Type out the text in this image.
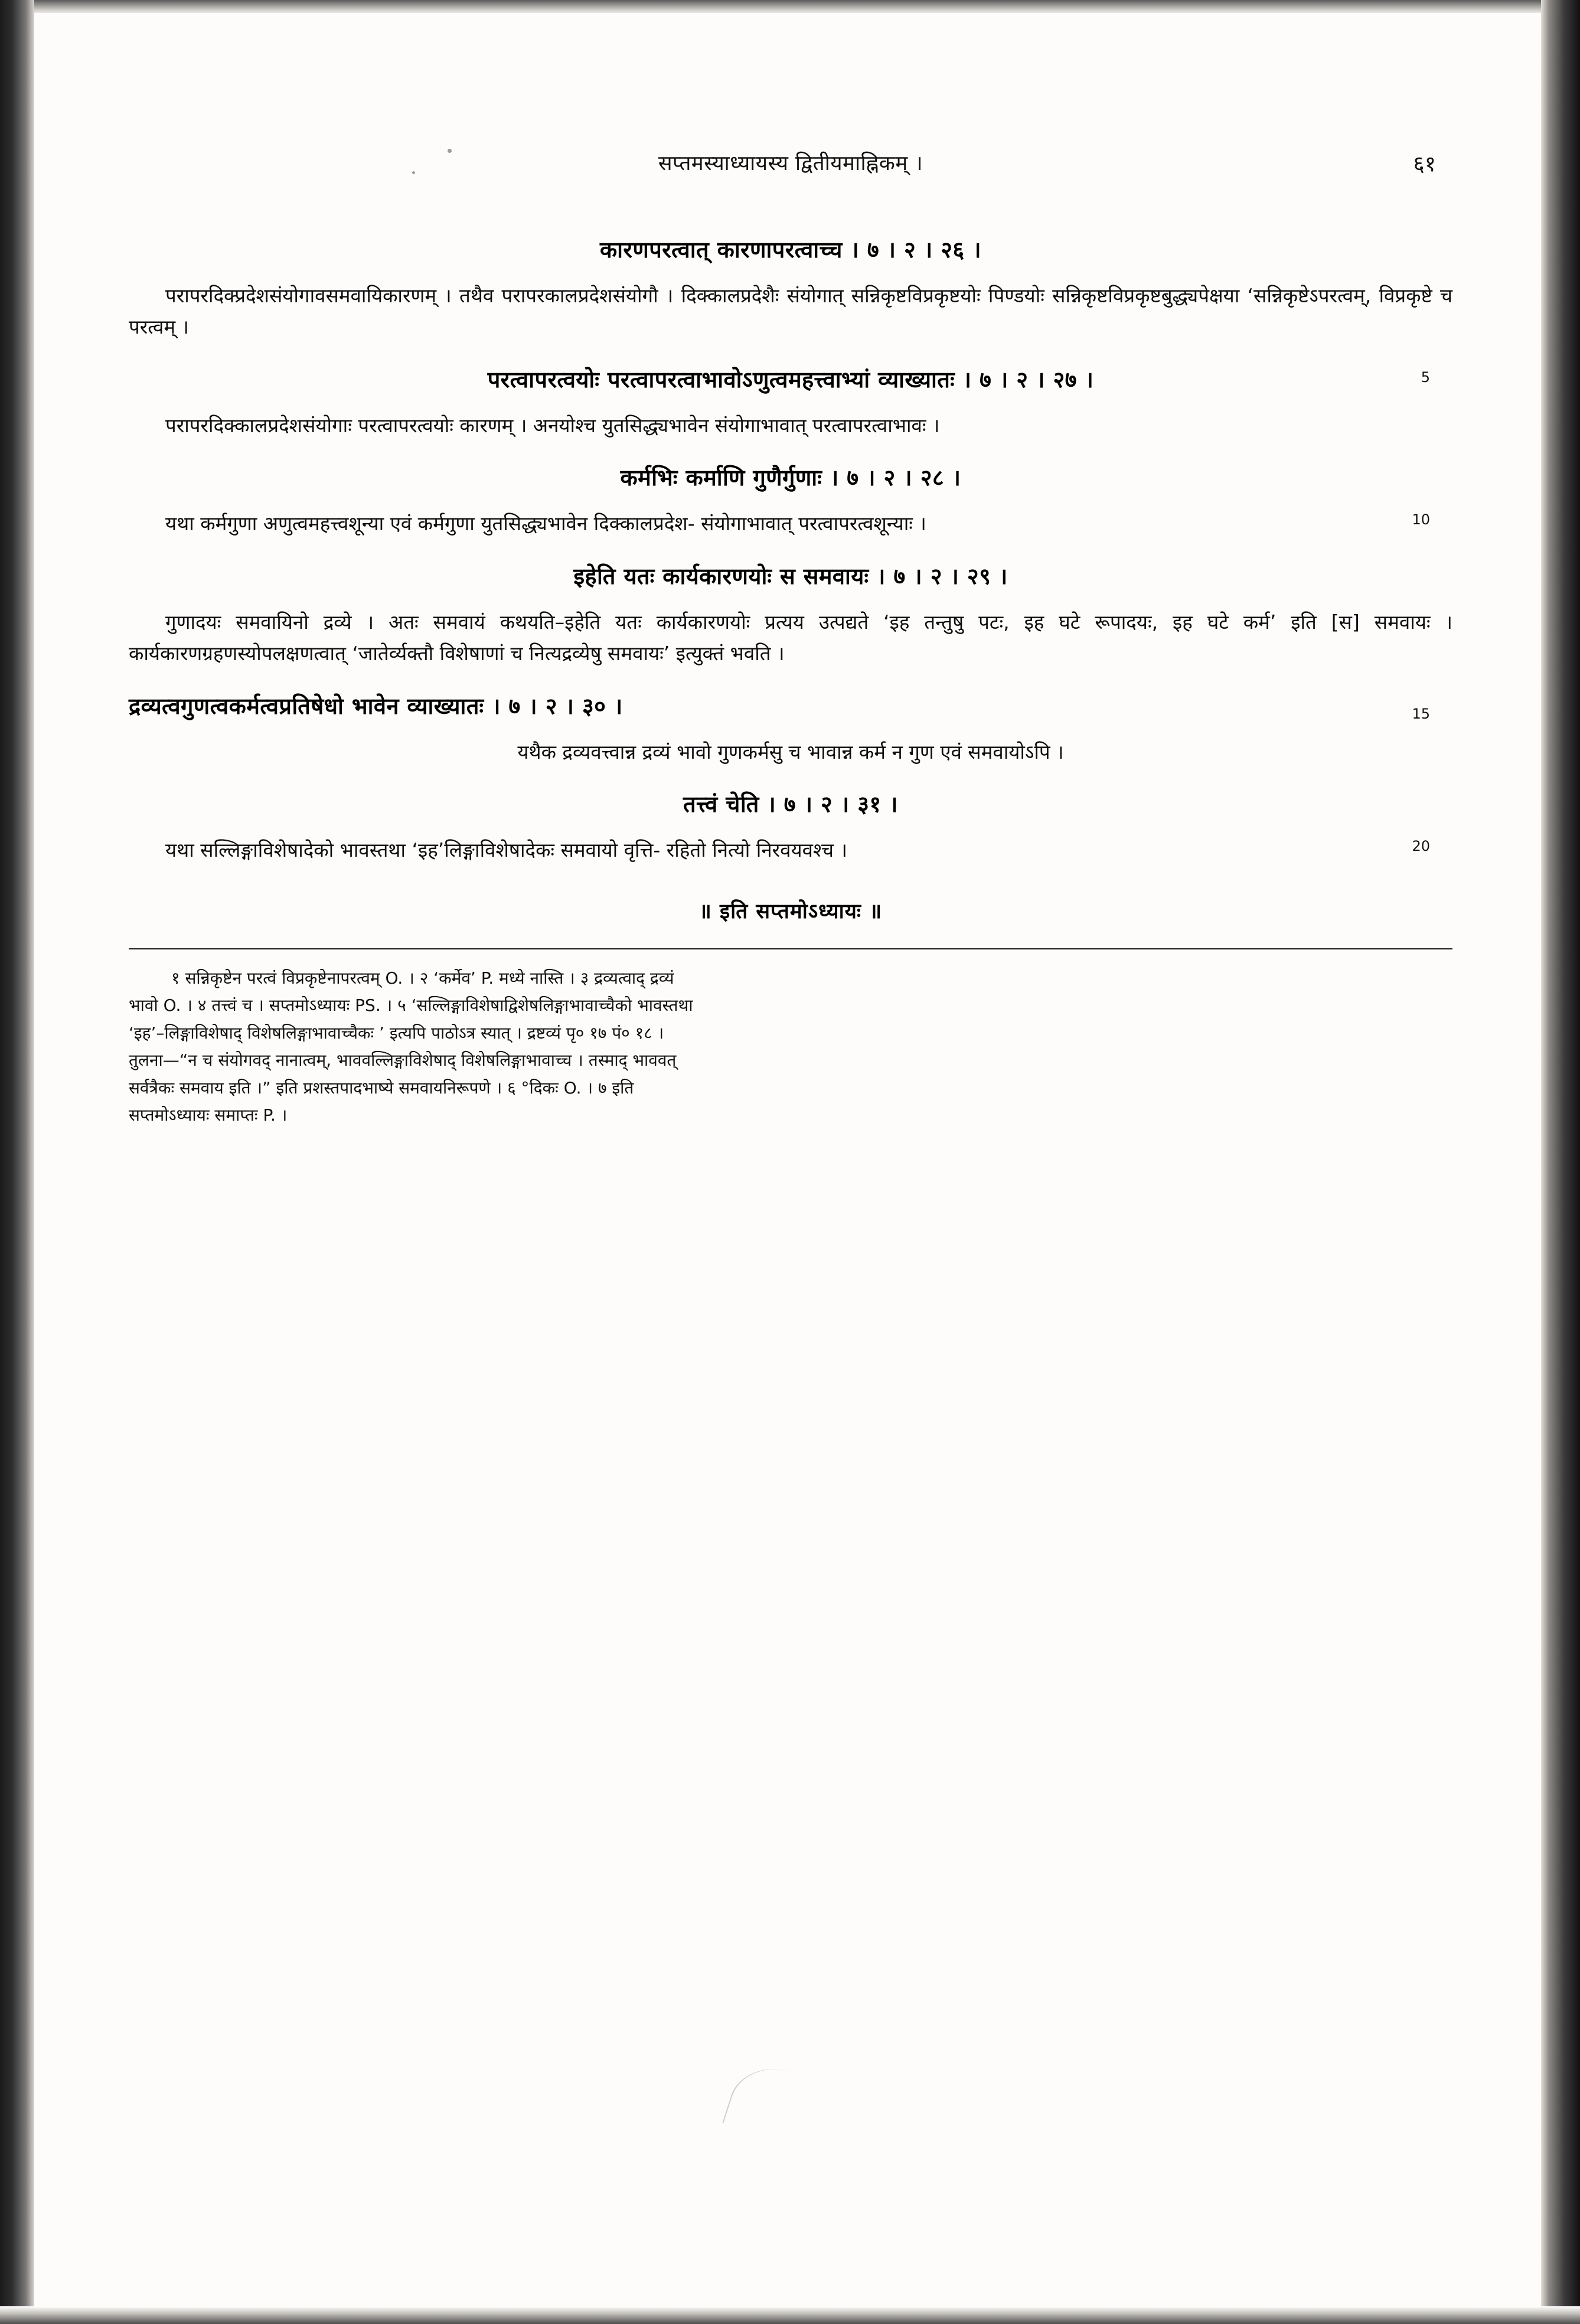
सप्तमस्याध्यायस्य द्वितीयमाह्निकम् ।	६१
कारणपरत्वात् कारणापरत्वाच्च । ७ । २ । २६ ।
परापरदिक्प्रदेशसंयोगावसमवायिकारणम् । तथैव परापरकालप्रदेशसंयोगौ । दिक्कालप्रदेशैः संयोगात् सन्निकृष्टविप्रकृष्टयोः पिण्डयोः सन्निकृष्टविप्रकृष्टबुद्ध्यपेक्षया ‘सन्निकृष्टेऽपरत्वम्, विप्रकृष्टे च परत्वम् ।
परत्वापरत्वयोः परत्वापरत्वाभावोऽणुत्वमहत्त्वाभ्यां व्याख्यातः । ७ । २ । २७ ।	5
परापरदिक्कालप्रदेशसंयोगाः परत्वापरत्वयोः कारणम् । अनयोश्च युतसिद्ध्यभावेन संयोगाभावात् परत्वापरत्वाभावः ।
कर्मभिः कर्माणि गुणैर्गुणाः । ७ । २ । २८ ।
यथा कर्मगुणा अणुत्वमहत्त्वशून्या एवं कर्मगुणा युतसिद्ध्यभावेन दिक्कालप्रदेश- संयोगाभावात् परत्वापरत्वशून्याः ।	10
इहेति यतः कार्यकारणयोः स समवायः । ७ । २ । २९ ।
गुणादयः समवायिनो द्रव्ये । अतः समवायं कथयति–इहेति यतः कार्यकारणयोः प्रत्यय उत्पद्यते ‘इह तन्तुषु पटः, इह घटे रूपादयः, इह घटे कर्म’ इति [स] समवायः । कार्यकारणग्रहणस्योपलक्षणत्वात् ‘जातेर्व्यक्तौ विशेषाणां च नित्यद्रव्येषु समवायः’ इत्युक्तं भवति ।
15
द्रव्यत्वगुणत्वकर्मत्वप्रतिषेधो भावेन व्याख्यातः । ७ । २ । ३० ।
यथैक द्रव्यवत्त्वान्न द्रव्यं भावो गुणकर्मसु च भावान्न कर्म न गुण एवं समवायोऽपि ।
तत्त्वं चेति । ७ । २ । ३१ ।
यथा सल्लिङ्गाविशेषादेको भावस्तथा ‘इह’लिङ्गाविशेषादेकः समवायो वृत्ति- रहितो नित्यो निरवयवश्च ।	20
॥ इति सप्तमोऽध्यायः ॥
१ सन्निकृष्टेन परत्वं विप्रकृष्टेनापरत्वम् O. । २ ‘कर्मेव’ P. मध्ये नास्ति । ३ द्रव्यत्वाद् द्रव्यं
भावो O. । ४ तत्त्वं च । सप्तमोऽध्यायः PS. । ५ ‘सल्लिङ्गाविशेषाद्विशेषलिङ्गाभावाच्चैको भावस्तथा
‘इह’–लिङ्गाविशेषाद् विशेषलिङ्गाभावाच्चैकः ’ इत्यपि पाठोऽत्र स्यात् । द्रष्टव्यं पृ० १७ पं० १८ ।
तुलना—“न च संयोगवद् नानात्वम्, भाववल्लिङ्गाविशेषाद् विशेषलिङ्गाभावाच्च । तस्माद् भाववत्
सर्वत्रैकः समवाय इति ।” इति प्रशस्तपादभाष्ये समवायनिरूपणे । ६ °दिकः O. । ७ इति
सप्तमोऽध्यायः समाप्तः P. ।
